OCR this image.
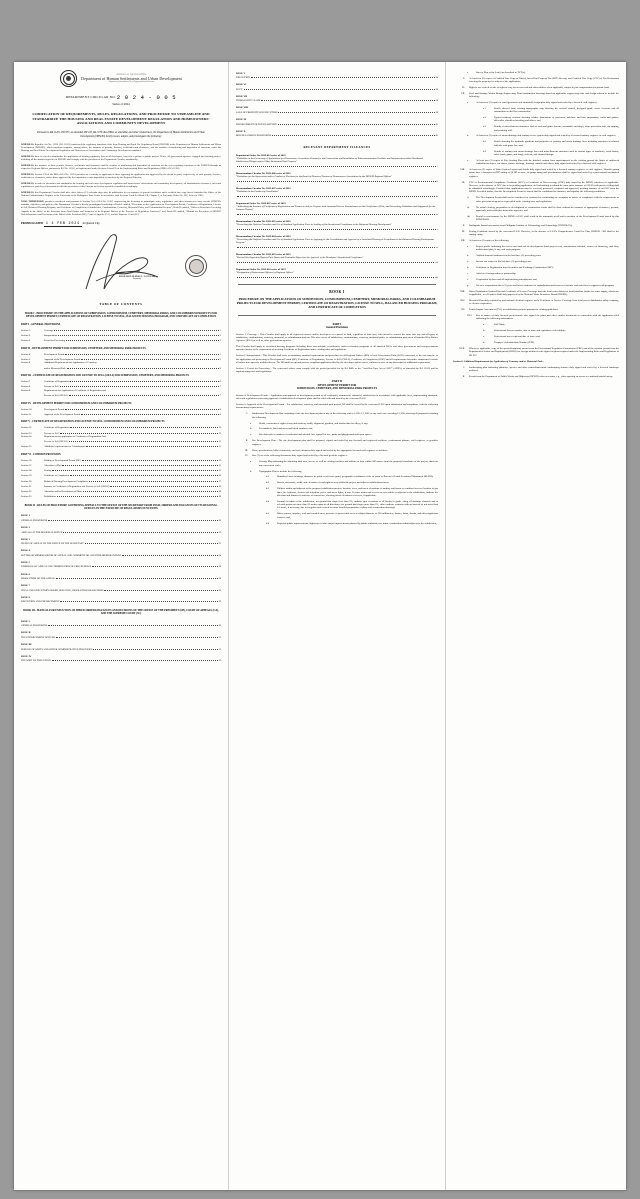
REPUBLIC OF THE PHILIPPINES
Department of Human Settlements and Urban Development
Kagawaran ng Pananahanan Tao at Pagpapaunlad ng Kalunsuran
DEPARTMENT CIRCULAR NO. 2 0 2 4 - 0 0 5
Series of 2024
CODIFICATION OF REQUIREMENTS, RULES, REGULATIONS, AND PROCEDURE TO STREAMLINE AND STANDARDIZE THE HOUSING AND REAL ESTATE DEVELOPMENT REGULATION AND HOMEOWNERS' ASSOCIATIONS AND COMMUNITY DEVELOPMENT
Pursuant to RA 11201, PD 957, as amended, BP 220, RA 7279, RA 10884, as amended, and other related laws, the Department of Human Settlements and Urban Development (DHSUD) hereby issues, adopts, and promulgates the following:

WHEREAS, Republic Act No. 11201 (RA 11201) transferred the regulatory functions of the then-Housing and Land Use Regulatory Board (HLURB) to the Department of Human Settlements and Urban Development (DHSUD), which functions comprise, among others, the issuance of permits, licenses, certificates and clearances, and the conduct of monitoring and imposition of sanctions, under the Housing and Real Estate Development Regulation and Homeowners Associations and Community Development mandates;

WHEREAS, there is a need to standardize the application of housing regulatory laws to all developers, may it be a private or public project. Hence, all government agencies engaged into housing project, including all the attached agencies of DHSUD shall comply with the provision of the Department Circular, mandatorily;

WHEREAS, the issuance of these permits, licenses, certificates and clearances and the conduct of monitoring and imposition of sanctions are the core regulatory functions of the DHSUD through its respective Regional Offices, pursuant to RA No. 11201, as implemented under Sections 24 and 25 of the Implementing Rules and Regulations (IRR) of RA 11201;

WHEREAS, Section 139 of the IRR of RA No. 11201 provides for a remedy to applicants or those opposing the application but aggrieved by the denial or grant, respectively, of such permits, licenses, certificates or clearances, and to those aggrieved by the imposition or non-imposition of sanctions by the Regional Director;

WHEREAS, in order to streamline and standardize the housing and real estate development regulation and homeowners' associations and community development, all administrative issuances, rules and regulations or part thereof inconsistent with the provisions of this Circular are hereby repealed or modified accordingly;

WHEREAS, this Department Circular shall take effect fifteen (15) calendar days after its publication in a newspaper of general circulation and a certified true copy hereof furnished the Office of the National Administrative Register of the University of the Philippines Law Center in accordance with Sections 3 and 4 of Book VII, Chapter 2, of Executive Order No. 292, Series of 1987;

NOW, THEREFORE, premises considered and pursuant to Section 7(c) of RA No. 11201 empowering the Secretary to promulgate rules, regulations, and other issuances to carry out the DHSUD's mandate, objectives, and policies, this Department Circular is hereby promulgated consisting of Book I entitled, "Procedure on the Application for Development Permit, Certificate of Registration, License to Sell, Balanced Housing Program, and Certificate of Completion of Subdivision, Condominium, Cemetery, Memorial Parks, and Columbarium Projects"; Book II entitled, "Rules of Procedure Governing Appeals to the Office of the Secretary from Final Orders and Issuances of its Regional Offices in the Exercise of Regulatory Functions"; and, Book III entitled, "Manual for Execution of DHSUD Orders/Issuances and Decisions of the Office of the President (OP), Court of Appeals (CA), and the Supreme Court (SC)".

PROMULGATED 1 4 FEB 2024 in Quezon City.
JOSE RIZALINO L. ACUZAR
Secretary
TABLE OF CONTENTS
BOOK I - PROCEDURE ON THE APPLICATIONS OF SUBDIVISION, CONDOMINIUM, CEMETERY, MEMORIAL PARKS, AND COLUMBARIUM PROJECTS FOR DEVELOPMENT PERMIT, CERTIFICATE OF REGISTRATION, LICENSE TO SELL, BALANCED HOUSING PROGRAM, AND CERTIFICATE OF COMPLETION
PART I - GENERAL PROVISIONS
Section 1.	Coverage	1
Section 2.	Interpretation	1
Section 3.	Period for Processing	1
PART II - DEVELOPMENT PERMIT FOR SUBDIVISION, CEMETERY, AND MEMORIAL PARK PROJECTS
Section 4.	Development Permit	1
Section 5.	Approval of the Development Permit	2
Section 6.	Additional Requirements for Application of Cemetery
and/or Memorial Park	6
PART III - CERTIFICATE OF REGISTRATION AND LICENSE TO SELL (CR/LS) FOR SUBDIVISION, CEMETERY, AND MEMORIAL PROJECTS
Section 7.	Certificate of Registration	6
Section 8.	License to Sell	7
Section 9.	Requirements for Application of Certificate of Registration and
License to Sell (CR/LS)	7
PART IV - DEVELOPMENT PERMIT FOR CONDOMINIUM AND COLUMBARIUM PROJECTS
Section 10.	Development Permit	8
Section 11.	Approval of the Development Permit	8
PART V - CERTIFICATE OF REGISTRATION AND LICENSE TO SELL CONDOMINIUM AND COLUMBARIUM PROJECTS
Section 12.	Certificate of Registration	12
Section 13.	License to Sell	12
Section 14.	Requirements for application of Certificate of Registration And
License to Sell (CR/LS)	12
Section 15.	Additional requirements for Columbarium	15
PART VI - COMMON PROVISION
Section 16.	Validity of Development Permit (DP)	15
Section 17.	Alteration of Plan	15
Section 18.	Posting	15
Section 19.	Certificate of Completion	16
Section 20.	Balanced Housing Development Compliance	17
Section 21.	Issuance of Certificate of Registration and License to Sell (CR/LS)	16
Section 22.	Alteration and/or Revification of Plans	18
Section 23.	Prohibitions	18
BOOK II - RULES OF PROCEDURE GOVERNING APPEALS TO THE OFFICE OF THE SECRETARY FROM FINAL ORDERS AND ISSUANCES OF ITS REGIONAL OFFICES IN THE EXERCISE OF REGULATORY FUNCTIONS
RULE 1
GENERAL PROVISIONS	20
RULE 2
APPEALS AT THE REGIONAL OFFICE	21
RULE 3
FILING OF APPEAL TO THE OFFICE OF THE SECRETARY	22
RULE 4
LETTER OR MEMORANDUM OF APPEAL AND COMMENT OR COUNTER-MEMORANDUM	24
RULE 5
DISMISSAL OF APPEAL AND TERMINATION OF PROCEEDINGS	28
RULE 6
RESOLUTION OF THE APPEAL	28
RULE 7
FINAL AND EXECUTORY ORDER, ISSUANCE, RESOLUTION OR DECISION	29
RULE 8
EXECUTION AND ENFORCEMENT	29
BOOK III - MANUAL FOR EXECUTION OF DHSUD ORDERS/ISSUANCES AND DECISIONS OF THE OFFICE OF THE PRESIDENT (OP), COURT OF APPEALS (CA), AND THE SUPREME COURT (SC)
RULE I
GENERAL PROVISIONS	30
RULE II
THE ENFORCEMENT OFFICER	31
RULE III
SERVICE OF WRITS AND OTHER ADMINISTRATIVE PROCESSES	32
RULE IV
THE WRIT OF EXECUTION	33
RULE V
EXECUTION	34
RULE VI
LEVY	36
RULE VII
THIRD-PARTY CLAIM	38
RULE VIII
SALE OF PROPERTY ON EXECUTION	38
RULE IX
ENFORCEMENT OFFICER'S RETURN	41
RULE X
MISCELLANEOUS PROVISIONS	42
RELEVANT DEPARTMENT ISSUANCES
Department Order No. 2022-012 series of 2022
"Guidelines in the Processing of Applications for Homeowners Association Consent for the Construction and Installation of Telecommunication Facilities and Infrastructure within Residential Subdivisions/Villages and/or Other Residential Real Property"
i
Memorandum Circular No. 2023-006 series of 2023
"Guidelines for the Supervision and/or Conduct of Elections for the Board of Directors/Trustees of Homeowners Associations by the DHSUD Regional Offices"
ii
Memorandum Circular No. 2023-007 series of 2023
"Guidelines in the Conduct of Conciliation"
iii
Department Order No. 2023-007 series of 2023
"Authorizing the Issuance of Certificate of Registration and License to Sell for Projects with Annotated Lien or Encumbrance on the Certificates of Title, and Prescribing Guidelines and Safeguards for the Issuance Thereof"
iv
Memorandum Circular No. 2023-001 series of 2023
"Prescribing the Uniform Procedure and Use of Standard Application Form in Availing of the Incentivized Compliance to the Balanced Housing Development"
v
Memorandum Circular No. 2023-004 series of 2023
"Prescribing the Uniform Procedure and Use of Standard Application Form in Applying for the Accreditation and Approval of a Socialized Housing as Compliance to the Balanced Housing Development Program"
vi
Memorandum Circular No. 2023-005 series of 2023
"Revised Site Inspection Reports/Fact Sheets and Evaluation Report for the Approval of the Developer's Incentivized Compliance"
vii
Department Order No. 2023-003 series of 2023
"Designation of Enforcement Officers by Regional Offices"
viii
BOOK I
PROCEDURE ON THE APPLICATIONS OF SUBDIVISION, CONDOMINIUM, CEMETERY, MEMORIAL PARKS, AND COLUMBARIUM PROJECTS FOR DEVELOPMENT PERMIT, CERTIFICATE OF REGISTRATION, LICENSE TO SELL, BALANCED HOUSING PROGRAM, AND CERTIFICATE OF COMPLETION
PART I
General Provisions

Section 1. Coverage – This Circular shall apply to all registered owners and/or developers of a parcel of land, regardless of land area, who intend to convert the same into any and all types of subdivision, condominium, cemetery, memorial, or columbarium projects. This also covers all subdivision, condominium, cemetery, memorial parks, or columbarium projects of all attached Key Shelter Agencies (KSA) as well as, other government agencies.

This Circular shall apply to socialized housing programs including those non-saleable, resettlement, and/or relocation programs of all attached KSAs and other government and non-government agencies insofar as the requirement of securing Certificate of Registration under existing rules and regulations.

Section 2. Interpretation – This Circular shall serve as mandatory standard requirements and procedure for all Regional Offices (RO) or local Government Units (LGU) concerned, as the case may be, in the application and processing of Development Permit (DP), Certificate of Registration, License to Sell (CR/LS), Certificate of Completion (COC) and all requirements hereunder enumerated exclude all others not expressly included herein. The RO shall accept and process compliant application filed by the developer and/or owner, without exercise of any discretion for additional requirement.

Section 3. Period for Processing – The concerned officer must comply with the period provided for by RA 9485 or the "Anti-Red Tape Act of 2007" (ARTA), as amended by RA 11032 and its implementing rules and regulations.

PART II
DEVELOPMENT PERMIT FOR
SUBDIVISION, CEMETERY, AND MEMORIAL PARK PROJECTS

Section 4. Development Permit – Application and approval of development permit of all residential, commercial, industrial, subdivisions in accordance with applicable laws, implementing standards, rules and regulations concerning approval of subdivision development plans shall be filed with and issued by the concerned LGU.

Section 5. Approval of the Development Permit – For subdivision, cemetery, and memorial park project, DP shall be issued by the concerned LGU upon submission and compliance with the following documentary requirements:

I.	Subdivision Development Plan consisting of the site development plan at any of the following scales: 1:200; 1:1,000; or any scale not exceeding 1:2,000; showing all proposals including the following:
a.	Roads, easements or right-of-way and roadway width, alignment, gradient, and similar data for alleys, if any;
b.	Lot numbers, lines and areas and block numbers; and,
c.	Site data such as number of residential and saleable lots, typical lot size, parks and playgrounds and open spaces.
II.	Site Development Plan - The site development plan shall be prepared, signed and sealed by any licensed and registered architect, environment planner, civil engineer, or geodetic engineer;
III.	Plans, specifications, bills of materials, and cost estimates duly signed and sealed by the appropriate licensed civil engineer or architect;
IV.	One (1) set of the following documents duly signed and sealed by a licensed geodetic engineer:
a.	Vicinity Map indicating the adjoining land uses, access, as well as existing facilities and utilities at least within 500 meters from the property boundaries of the project, drawn to any convenient scale;
b.	Topographic Plan to include the following:
b.1	Boundary Lines: bearings, distances tie point or reference point, geographic coordinates of the tie point or Bureau of Lands Locational Monument (BLLM);
b.2	Streets, easements, width, and elevation of road right-of-way within the project and adjacent subdivisions/areas;
b.3	Utilities within and adjacent to the proposed subdivision project; location, sizes, and invert elevations of sanitary and storm or combined sewers; location of gas lines, fire hydrants, electric and telephone poles, and street lights, if any. If water mains and sewers are not within or adjacent to the subdivision, indicate the direction and distance to and size of nearest one, showing invert elevations of sewers, if applicable;
b.4	Ground elevation of the subdivision: for ground that slopes less than 2%, indicate spot elevations at all breaks in grade, along all drainage channels and at selected points not more than 25 meters apart in all directions; for ground that slopes more than 2%, either indicate contours with an interval of not more than 0.5 metre, if necessary, due to irregular land or need for more detailed preparation of plans and construction drawings;
b.5	Water courses, marshes, rock and wooded areas, presence of preservable trees in caliper diameter of 200 millimeters, houses, barns, shacks, and other significant features; and,
b.6	Proposed public improvements: highways or other major improvements planned by public authorities for future construction within/adjacent to the subdivision;
c.	Survey Plan of the Lot(s) as described in TCT(s);
V.	At least two (2) copies of Certified True Copy of Title(s), latest Real Property Tax (RPT) Receipt, and Certified True Copy (CTC) of Tax Declaration covering the property/ies subject of the application;
VI.	Right to use or deed of sale of right-of-way for access road and other utilities when applicable, subject to just compensation for private land;
VII.	Civil and Sanitary Works Design Engineering Plans/construction drawings based on applicable engineering code and design criteria to include the following:
a.	At least two (2) copies of road (geometric and structural) design/plan duly signed and sealed by a licensed civil engineer;
a.1	Profile derived from existing topographic map showing the vertical control, designed grade, curve elements and all information needed for construction;
a.2	Typical roadway sections showing relative dimensions of pavement, sub-base and base preparation, curbs and gutters, sidewalks, shoulders benching and others; and,
a.3	Details of miscellaneous structures such as curb and gutter (barrier, mountable and drop), slope protection wall, rip rapping, and retaining wall.
b.	At least two (2) copies of storm drainage and sanitary sewer system duly signed and sealed by a licensed sanitary engineer or civil engineer;
b.1	Profile showing the hydraulic gradients and properties of sanitary and storm drainage lines including structures in relation with the road grade line; and,
b.2	Details of sanitary and storm drainage lines and miscellaneous structures such as various types of manholes, catch basins, inlets (curb, gutter, and drop), culverts, and channel linings;
c.	At least two (2) copies of Site Grading Plan with the finished contour lines superimposed on the existing ground the limits of earthwork embankment slopes, cut slopes, surface drainage, drainage outfalls and others, duly signed and sealed by a licensed civil engineer.
VIII.	At least two (2) copies of Water System Layout and details duly signed and sealed by a licensed sanitary engineer or civil engineer. Should a pump motor have a horsepower (HP) rating of 50 HP or more, its pump rating and specifications shall be signed and sealed by a professional mechanical engineer;
IX.	CTC of Environmental Compliance Certificate (ECC) or Certificate of Non-coverage (CNC) duly issued by the DENR, whichever is applicable. However, in the absence of ECC due to its pending application, an Undertaking to submit the same prior issuance of CR/LS with proof of filing shall be submitted accordingly; Provided that, applications may be received, processed, evaluated and approved, pending issuance of an ECC from the DENR. Provided further, that the Development Permit so issued shall be conditional in character, and stipulate the following conditions:
i)	The Development Permit shall not be considered or construed as constituting an exemption or waiver of compliance with the requirements of other government agencies as provided under existing laws and regulations;
ii)	No actual clearing, preparation or development or construction works shall be done without the issuance of appropriate clearances, permits, approvals, and certificates from other agencies; and
iii)	Denial or non-issuance by the DENR of ECC shall result in the automatic recall and revocation of the Development Permit issued by this DHSUD-RO.
X.	Earthquake hazard assessment from Philippine Institute of Volcanology and Seismology (PHIVOLCS);
XI.	Zoning Certificate issued by the concerned LGU. However, in the absence of LGU's Comprehensive Land Use Plan, DHSUD - RO shall be the issuing entity;
XII.	At least two (2) copies of the following:
a.	Project profile indicating the cost of raw land and its development (total project cost), amortization schedule, sources of financing, cash flow, architectural plan, if any, and work program;
b.	Audited financial statement for the last three (3) preceding years;
c.	Income tax return for the last three (3) preceding years;
d.	Certificate of Registration from Securities and Exchange Commission (SEC);
e.	Articles of incorporation or partnership;
f.	Corporation by-laws and all implementing amendments; and,
g.	For new corporations three (3) years and below statement of capitalization and sources of income and cash flow to support work program;
XIII.	Water Distribution System Plan and Certificate of Service Coverage from the local water district or local franchise holder for water supply, whichever is applicable, or a Permit to Drill duly approved by the National Water Resources Board (NWRB);
XIV.	Electrical Plan duly certified by professional electrical engineer and a Certificate of Service Coverage from local power distribution utility company, or electric cooperative;
XV.	Traffic Impact Assessment (TIA) for subdivision projects pursuant to existing guidelines;
XVI.	List of names of duly licensed professionals who signed the plans and other similar documents in connection with the application filed indicating the following information:
a.	Full Name;
b.	Professional license number, date of issue and expiration of its validity;
c.	Professional tax receipt and date of issue; and,
d.	Taxpayer's Identification Number (TIN).
XVII.	Whenever applicable, copy of the special/temporary permit from the Professional Regulation Commission (PRC) and of the separate permit from the Department of Labor and Employment (DOLE) for foreign architects who signed on plans required under the Implementing Rules and Regulations of PD 957.

Section 6. Additional Requirements for Application of Cemetery and/or Memorial Park -

I.	Landscaping plan indicating plant/tree species and other natural/man-made landscaping features duly signed and sealed by a licensed landscape architect;
II.	Permit from the Department of Public Works and Highways (DPWH) when necessary, e.g., when opening an access to a national/arterial artery;
